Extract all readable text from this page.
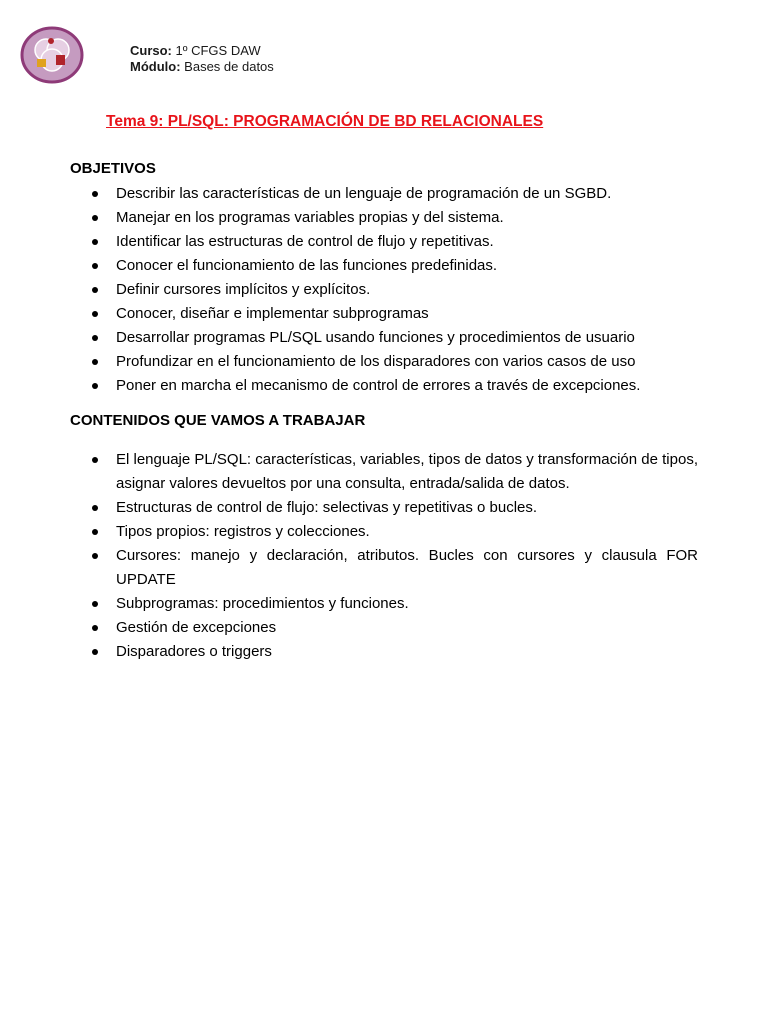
Curso: 1º CFGS DAW
Módulo: Bases de datos
Tema 9: PL/SQL: PROGRAMACIÓN DE BD RELACIONALES
OBJETIVOS
Describir las características de un lenguaje de programación de un SGBD.
Manejar en los programas variables propias y del sistema.
Identificar las estructuras de control de flujo y repetitivas.
Conocer el funcionamiento de las funciones predefinidas.
Definir cursores implícitos y explícitos.
Conocer, diseñar e implementar subprogramas
Desarrollar programas PL/SQL usando funciones y procedimientos de usuario
Profundizar en el funcionamiento de los disparadores con varios casos de uso
Poner en marcha el mecanismo de control de errores a través de excepciones.
CONTENIDOS QUE VAMOS A TRABAJAR
El lenguaje PL/SQL: características, variables, tipos de datos y transformación de tipos, asignar valores devueltos por una consulta, entrada/salida de datos.
Estructuras de control de flujo: selectivas y repetitivas o bucles.
Tipos propios: registros y colecciones.
Cursores: manejo y declaración, atributos. Bucles con cursores y clausula FOR UPDATE
Subprogramas: procedimientos y funciones.
Gestión de excepciones
Disparadores o triggers
